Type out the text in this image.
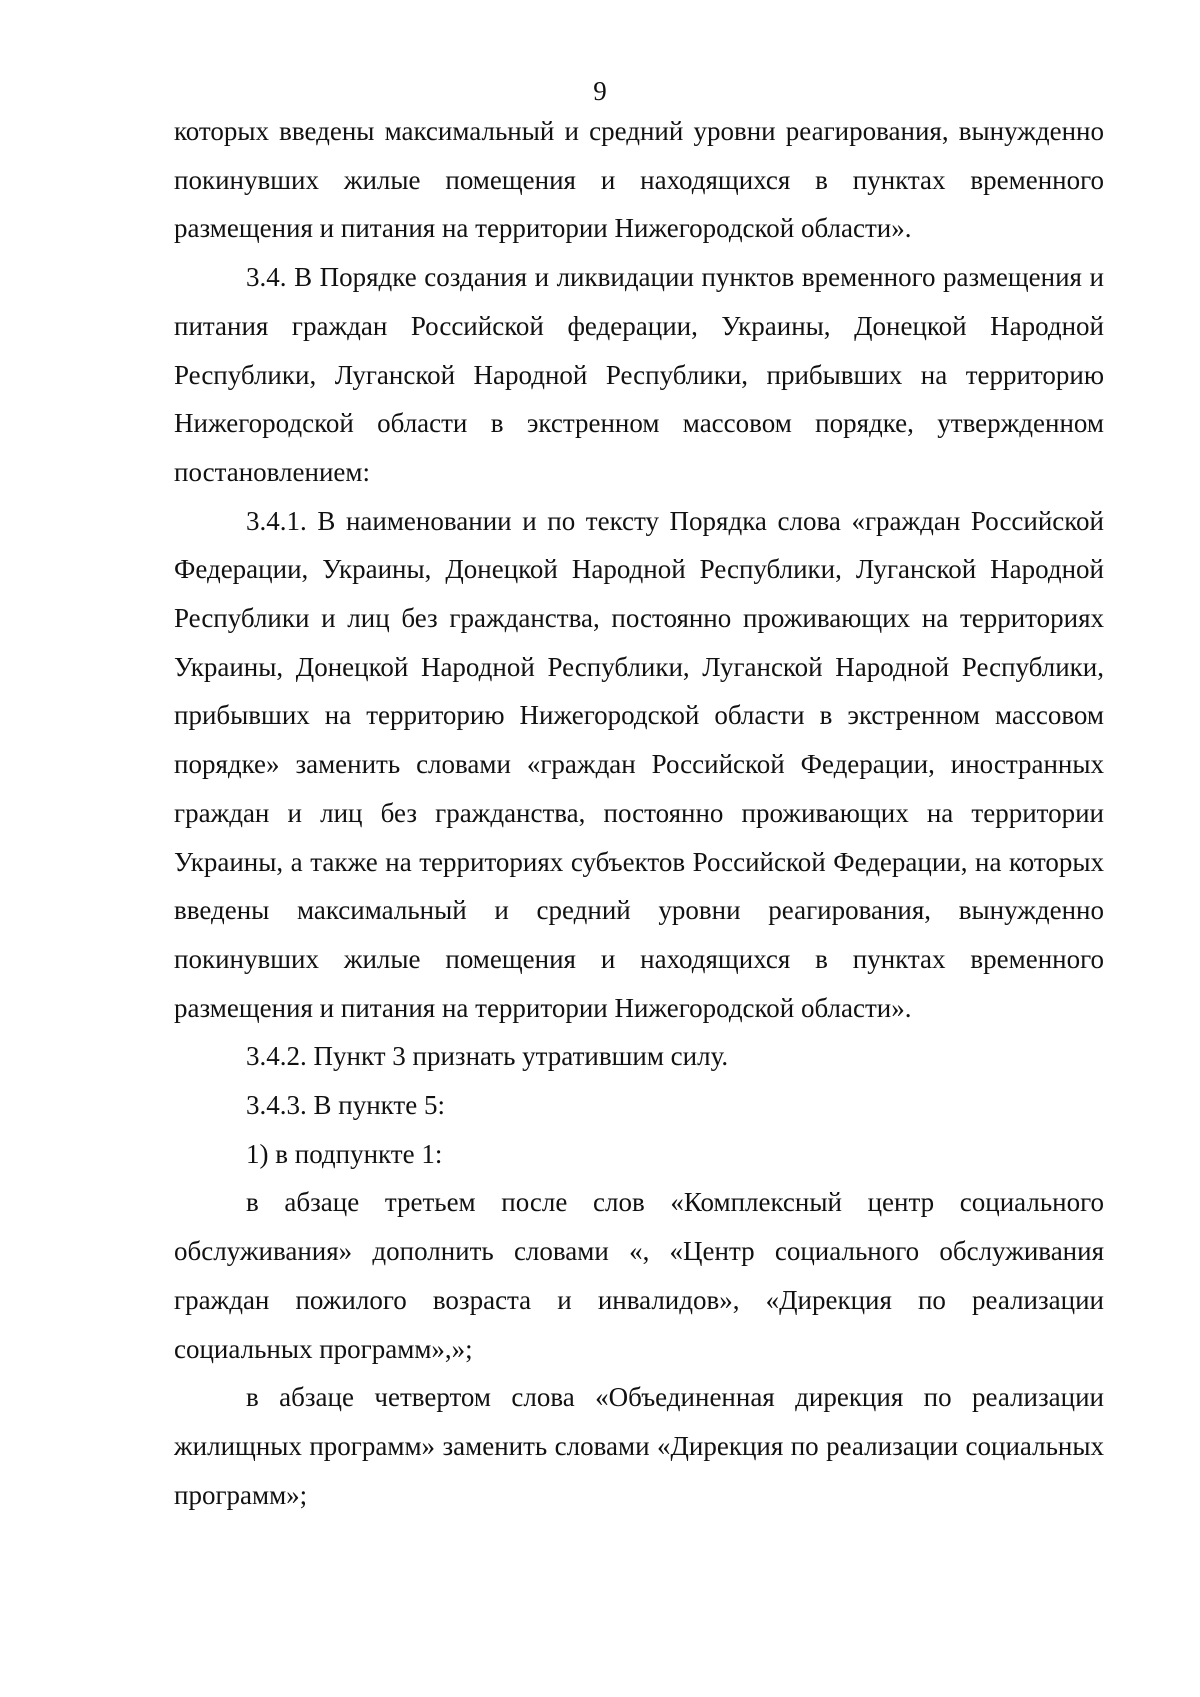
9

которых введены максимальный и средний уровни реагирования, вынужденно покинувших жилые помещения и находящихся в пунктах временного размещения и питания на территории Нижегородской области».

3.4. В Порядке создания и ликвидации пунктов временного размещения и питания граждан Российской федерации, Украины, Донецкой Народной Республики, Луганской Народной Республики, прибывших на территорию Нижегородской области в экстренном массовом порядке, утвержденном постановлением:

3.4.1. В наименовании и по тексту Порядка слова «граждан Российской Федерации, Украины, Донецкой Народной Республики, Луганской Народной Республики и лиц без гражданства, постоянно проживающих на территориях Украины, Донецкой Народной Республики, Луганской Народной Республики, прибывших на территорию Нижегородской области в экстренном массовом порядке» заменить словами «граждан Российской Федерации, иностранных граждан и лиц без гражданства, постоянно проживающих на территории Украины, а также на территориях субъектов Российской Федерации, на которых введены максимальный и средний уровни реагирования, вынужденно покинувших жилые помещения и находящихся в пунктах временного размещения и питания на территории Нижегородской области».

3.4.2. Пункт 3 признать утратившим силу.

3.4.3. В пункте 5:

1) в подпункте 1:

в абзаце третьем после слов «Комплексный центр социального обслуживания» дополнить словами «, «Центр социального обслуживания граждан пожилого возраста и инвалидов», «Дирекция по реализации социальных программ»,»;

в абзаце четвертом слова «Объединенная дирекция по реализации жилищных программ» заменить словами «Дирекция по реализации социальных программ»;
